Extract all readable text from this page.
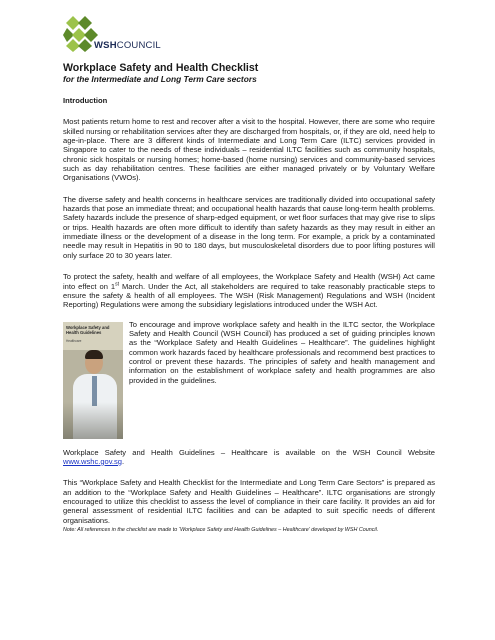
WSHCOUNCIL
Workplace Safety and Health Checklist
for the Intermediate and Long Term Care sectors
Introduction

Most patients return home to rest and recover after a visit to the hospital. However, there are some who require skilled nursing or rehabilitation services after they are discharged from hospitals, or, if they are old, need help to age-in-place. There are 3 different kinds of Intermediate and Long Term Care (ILTC) services provided in Singapore to cater to the needs of these individuals – residential ILTC facilities such as community hospitals, chronic sick hospitals or nursing homes; home-based (home nursing) services and community-based services such as day rehabilitation centres. These facilities are either managed privately or by Voluntary Welfare Organisations (VWOs).

The diverse safety and health concerns in healthcare services are traditionally divided into occupational safety hazards that pose an immediate threat; and occupational health hazards that cause long-term health problems. Safety hazards include the presence of sharp-edged equipment, or wet floor surfaces that may give rise to slips or trips. Health hazards are often more difficult to identify than safety hazards as they may result in either an immediate illness or the development of a disease in the long term. For example, a prick by a contaminated needle may result in Hepatitis in 90 to 180 days, but musculoskeletal disorders due to poor lifting postures will only surface 20 to 30 years later.

To protect the safety, health and welfare of all employees, the Workplace Safety and Health (WSH) Act came into effect on 1st March. Under the Act, all stakeholders are required to take reasonably practicable steps to ensure the safety & health of all employees. The WSH (Risk Management) Regulations and WSH (Incident Reporting) Regulations were among the subsidiary legislations introduced under the WSH Act.

Workplace Safety and Health Guidelines
Healthcare
To encourage and improve workplace safety and health in the ILTC sector, the Workplace Safety and Health Council (WSH Council) has produced a set of guiding principles known as the “Workplace Safety and Health Guidelines – Healthcare”. The guidelines highlight common work hazards faced by healthcare professionals and recommend best practices to control or prevent these hazards. The principles of safety and health management and information on the establishment of workplace safety and health programmes are also provided in the guidelines.

Workplace Safety and Health Guidelines – Healthcare is available on the WSH Council Website www.wshc.gov.sg.

This “Workplace Safety and Health Checklist for the Intermediate and Long Term Care Sectors” is prepared as an addition to the “Workplace Safety and Health Guidelines – Healthcare”. ILTC organisations are strongly encouraged to utilize this checklist to assess the level of compliance in their care facility. It provides an aid for general assessment of residential ILTC facilities and can be adapted to suit specific needs of different organisations.

Note: All references in the checklist are made to ‘Workplace Safety and Health Guidelines – Healthcare’ developed by WSH Council.
